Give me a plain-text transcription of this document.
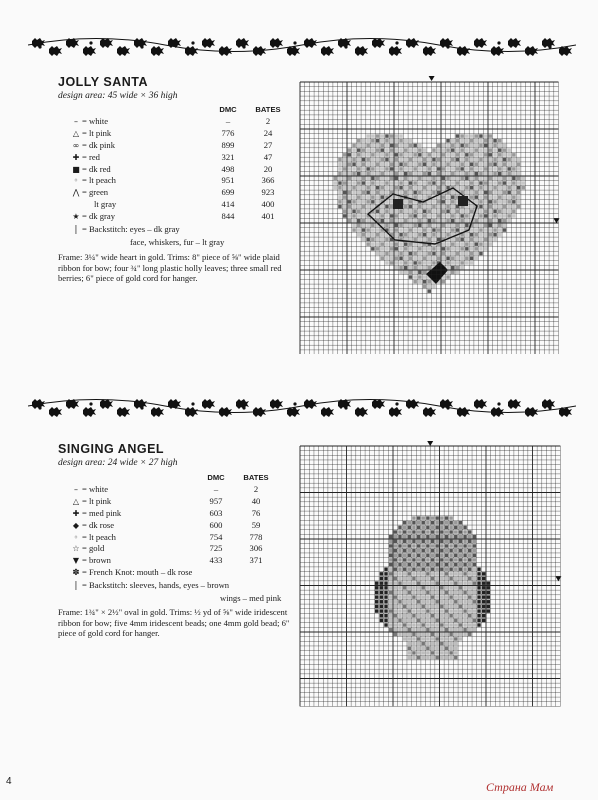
JOLLY SANTA
design area: 45 wide × 36 high
		DMC	BATES
–	= white	–	2
△	= lt pink	776	24
∞	= dk pink	899	27
✚	= red	321	47
■	= dk red	498	20
◦	= lt peach	951	366
⋀	= green	699	923
	lt gray	414	400
★	= dk gray	844	401
| = Backstitch: eyes – dk gray
face, whiskers, fur – lt gray
Frame: 3¼" wide heart in gold. Trims: 8" piece of ⅝" wide plaid ribbon for bow; four ¾" long plastic holly leaves; three small red berries; 6" piece of gold cord for hanger.
SINGING ANGEL
design area: 24 wide × 27 high
		DMC	BATES
–	= white	–	2
△	= lt pink	957	40
✚	= med pink	603	76
◆	= dk rose	600	59
◦	= lt peach	754	778
☆	= gold	725	306
▼	= brown	433	371
✽ = French Knot: mouth – dk rose
| = Backstitch: sleeves, hands, eyes – brown
wings – med pink
Frame: 1¾" × 2½" oval in gold. Trims: ½ yd of ⅝" wide iridescent ribbon for bow; five 4mm iridescent beads; one 4mm gold bead; 6" piece of gold cord for hanger.
4	Страна Мам
